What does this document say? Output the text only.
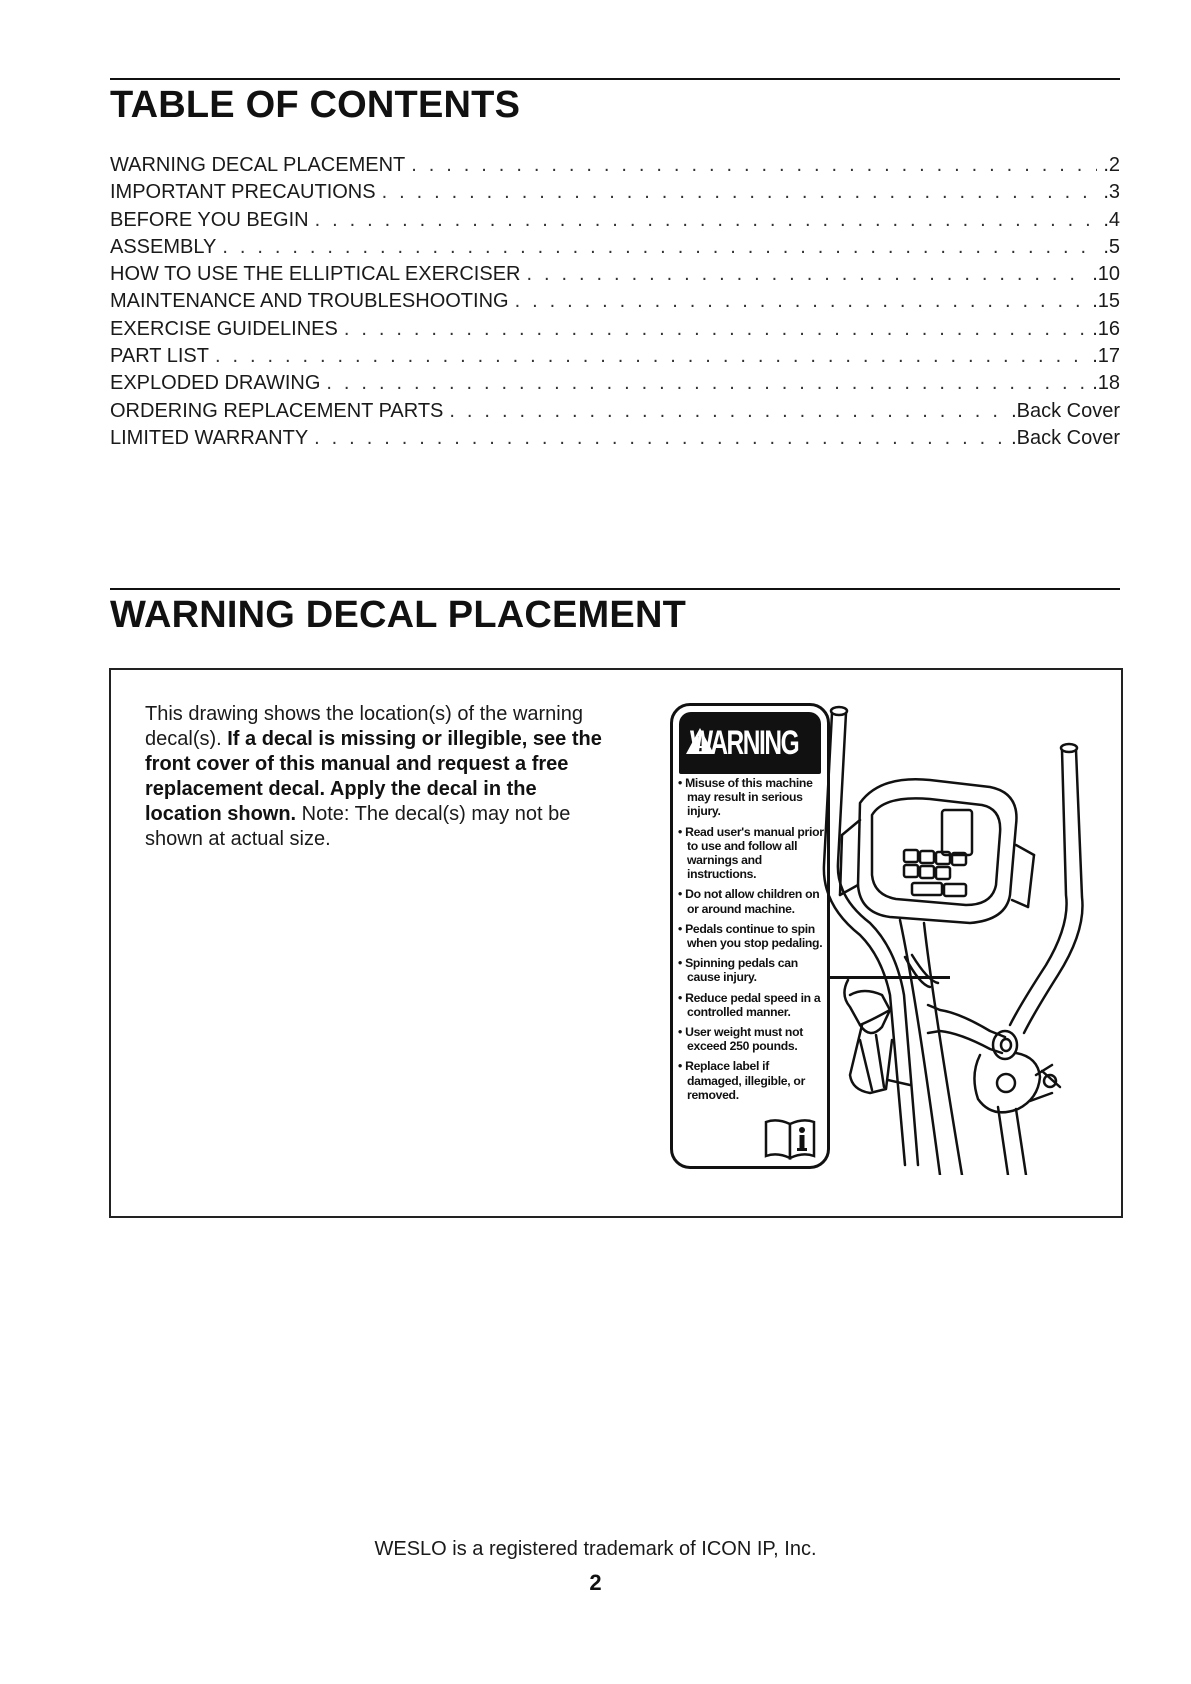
TABLE OF CONTENTS
WARNING DECAL PLACEMENT . . .	.2
IMPORTANT PRECAUTIONS . . .	.3
BEFORE YOU BEGIN . . .	.4
ASSEMBLY . . .	.5
HOW TO USE THE ELLIPTICAL EXERCISER . . .	.10
MAINTENANCE AND TROUBLESHOOTING . . .	.15
EXERCISE GUIDELINES . . .	.16
PART LIST . . .	.17
EXPLODED DRAWING . . .	.18
ORDERING REPLACEMENT PARTS . . .	.Back Cover
LIMITED WARRANTY . . .	.Back Cover
WARNING DECAL PLACEMENT

This drawing shows the location(s) of the warning decal(s). If a decal is missing or illegible, see the front cover of this manual and request a free replacement decal. Apply the decal in the location shown. Note: The decal(s) may not be shown at actual size.

WARNING
• Misuse of this machine may result in serious injury.
• Read user's manual prior to use and follow all warnings and instructions.
• Do not allow children on or around machine.
• Pedals continue to spin when you stop pedaling.
• Spinning pedals can cause injury.
• Reduce pedal speed in a controlled manner.
• User weight must not exceed 250 pounds.
• Replace label if damaged, illegible, or removed.
WESLO is a registered trademark of ICON IP, Inc.
2
